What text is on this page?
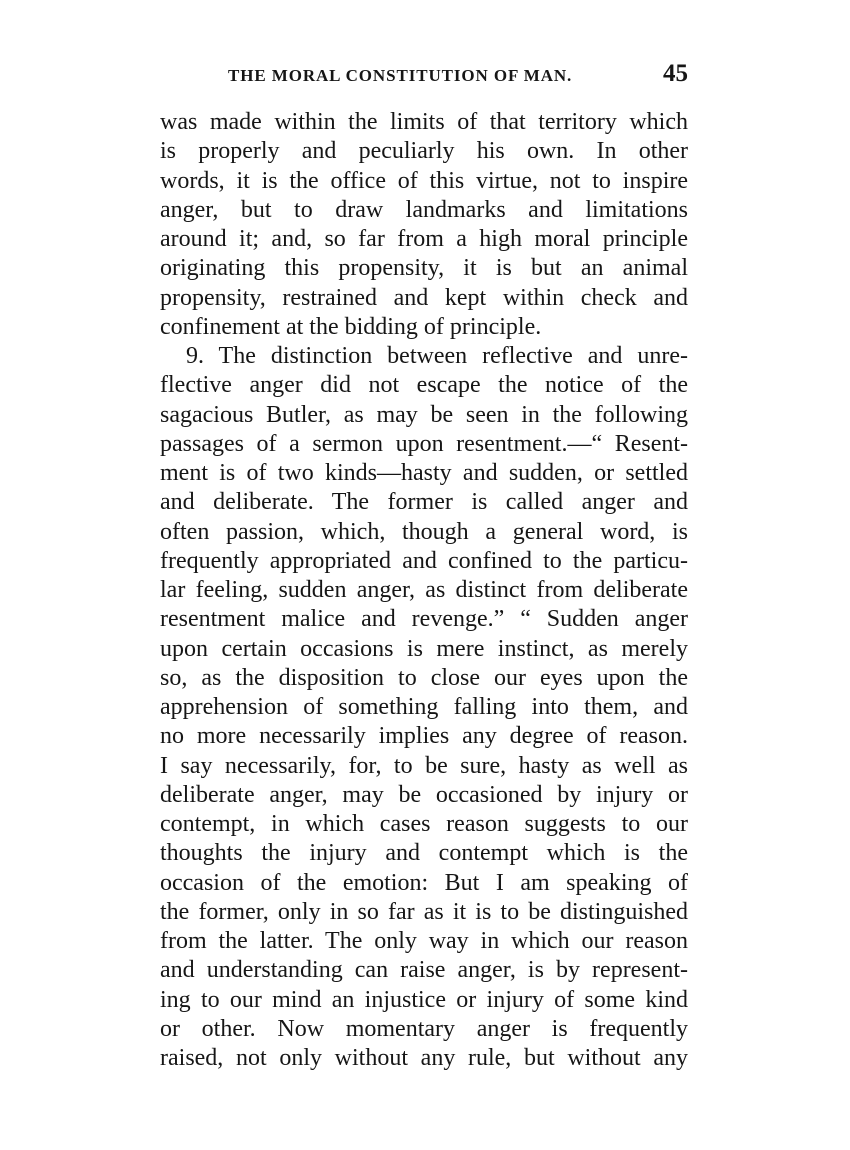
THE MORAL CONSTITUTION OF MAN.	45
was made within the limits of that territory which
is properly and peculiarly his own. In other
words, it is the office of this virtue, not to inspire
anger, but to draw landmarks and limitations
around it; and, so far from a high moral principle
originating this propensity, it is but an animal
propensity, restrained and kept within check and
confinement at the bidding of principle.
9. The distinction between reflective and unre-
flective anger did not escape the notice of the
sagacious Butler, as may be seen in the following
passages of a sermon upon resentment.—“ Resent-
ment is of two kinds—hasty and sudden, or settled
and deliberate. The former is called anger and
often passion, which, though a general word, is
frequently appropriated and confined to the particu-
lar feeling, sudden anger, as distinct from deliberate
resentment malice and revenge.” “ Sudden anger
upon certain occasions is mere instinct, as merely
so, as the disposition to close our eyes upon the
apprehension of something falling into them, and
no more necessarily implies any degree of reason.
I say necessarily, for, to be sure, hasty as well as
deliberate anger, may be occasioned by injury or
contempt, in which cases reason suggests to our
thoughts the injury and contempt which is the
occasion of the emotion: But I am speaking of
the former, only in so far as it is to be distinguished
from the latter. The only way in which our reason
and understanding can raise anger, is by represent-
ing to our mind an injustice or injury of some kind
or other. Now momentary anger is frequently
raised, not only without any rule, but without any
